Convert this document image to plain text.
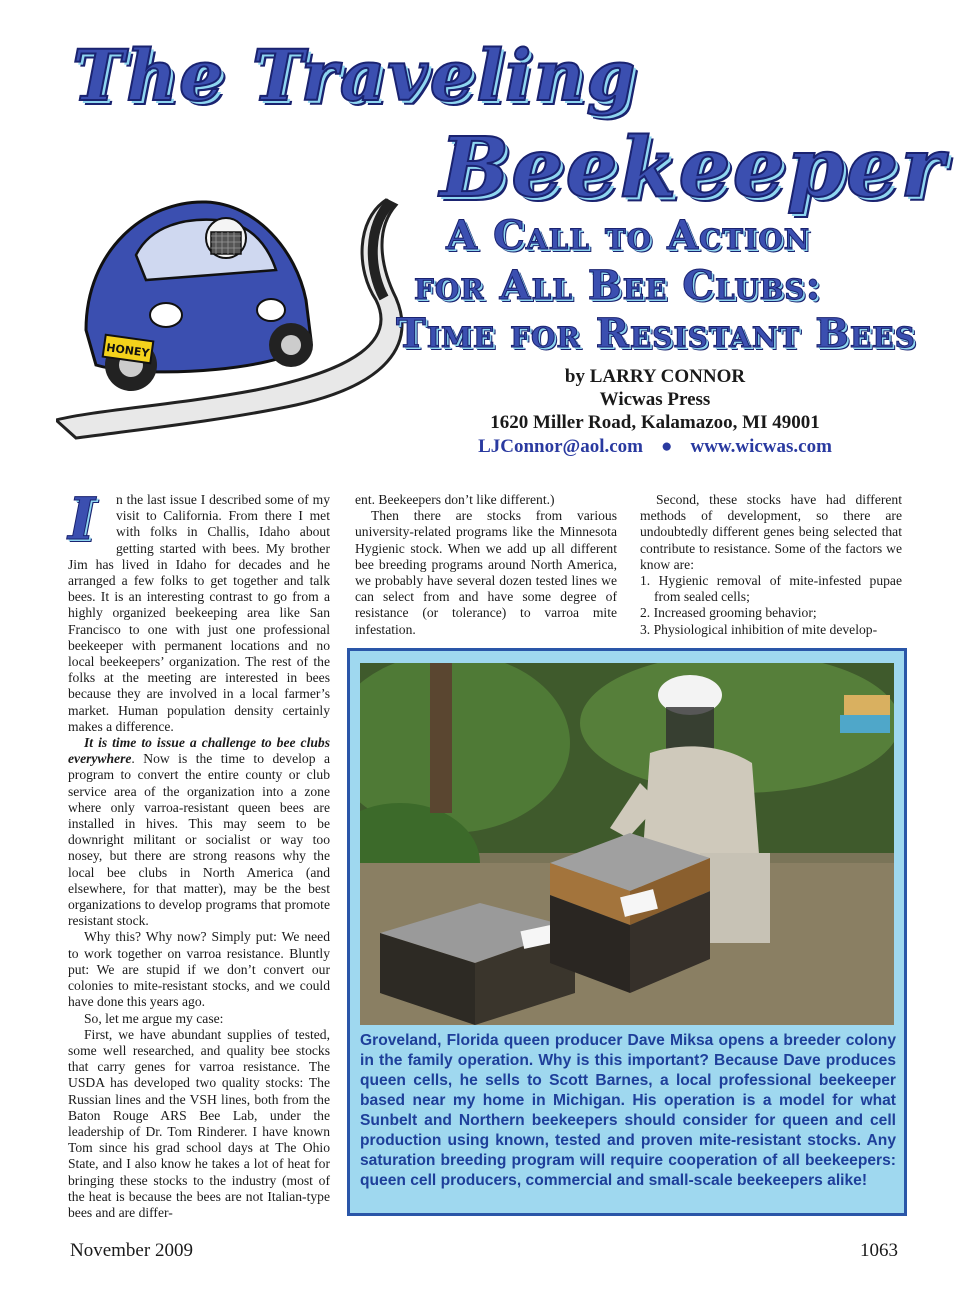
The Traveling
Beekeeper
HONEY
A Call to Action
for All Bee Clubs:
Time for Resistant Bees

by LARRY CONNOR

Wicwas Press

1620 Miller Road, Kalamazoo, MI 49001

LJConnor@aol.com ● www.wicwas.com

I	n the last issue I described some of my visit to California. From there I met with folks in Challis, Idaho about getting started with bees. My brother Jim has lived in Idaho for decades and he arranged a few folks to get together and talk bees. It is an interesting contrast to go from a highly organized beekeeping area like San Francisco to one with just one professional beekeeper with permanent locations and no local beekeepers’ organization. The rest of the folks at the meeting are interested in bees because they are involved in a local farmer’s market. Human population density certainly makes a difference.

It is time to issue a challenge to bee clubs everywhere. Now is the time to develop a program to convert the entire county or club service area of the organization into a zone where only varroa-resistant queen bees are installed in hives. This may seem to be downright militant or socialist or way too nosey, but there are strong reasons why the local bee clubs in North America (and elsewhere, for that matter), may be the best organizations to develop programs that promote resistant stock.

Why this? Why now? Simply put: We need to work together on varroa resistance. Bluntly put: We are stupid if we don’t convert our colonies to mite-resistant stocks, and we could have done this years ago.

So, let me argue my case:

First, we have abundant supplies of tested, some well researched, and quality bee stocks that carry genes for varroa resistance. The USDA has developed two quality stocks: The Russian lines and the VSH lines, both from the Baton Rouge ARS Bee Lab, under the leadership of Dr. Tom Rinderer. I have known Tom since his grad school days at The Ohio State, and I also know he takes a lot of heat for bringing these stocks to the industry (most of the heat is because the bees are not Italian-type bees and are differ-

ent. Beekeepers don’t like different.)

Then there are stocks from various university-related programs like the Minnesota Hygienic stock. When we add up all different bee breeding programs around North America, we probably have several dozen tested lines we can select from and have some degree of resistance (or tolerance) to varroa mite infestation.

Second, these stocks have had different methods of development, so there are undoubtedly different genes being selected that contribute to resistance. Some of the factors we know are:

1. Hygienic removal of mite-infested pupae from sealed cells;

2. Increased grooming behavior;

3. Physiological inhibition of mite develop-

Groveland, Florida queen producer Dave Miksa opens a breeder colony in the family operation. Why is this important? Because Dave produces queen cells, he sells to Scott Barnes, a local professional beekeeper based near my home in Michigan. His operation is a model for what Sunbelt and Northern beekeepers should consider for queen and cell production using known, tested and proven mite-resistant stocks. Any saturation breeding program will require cooperation of all beekeepers: queen cell producers, commercial and small-scale beekeepers alike!

November 2009	1063
